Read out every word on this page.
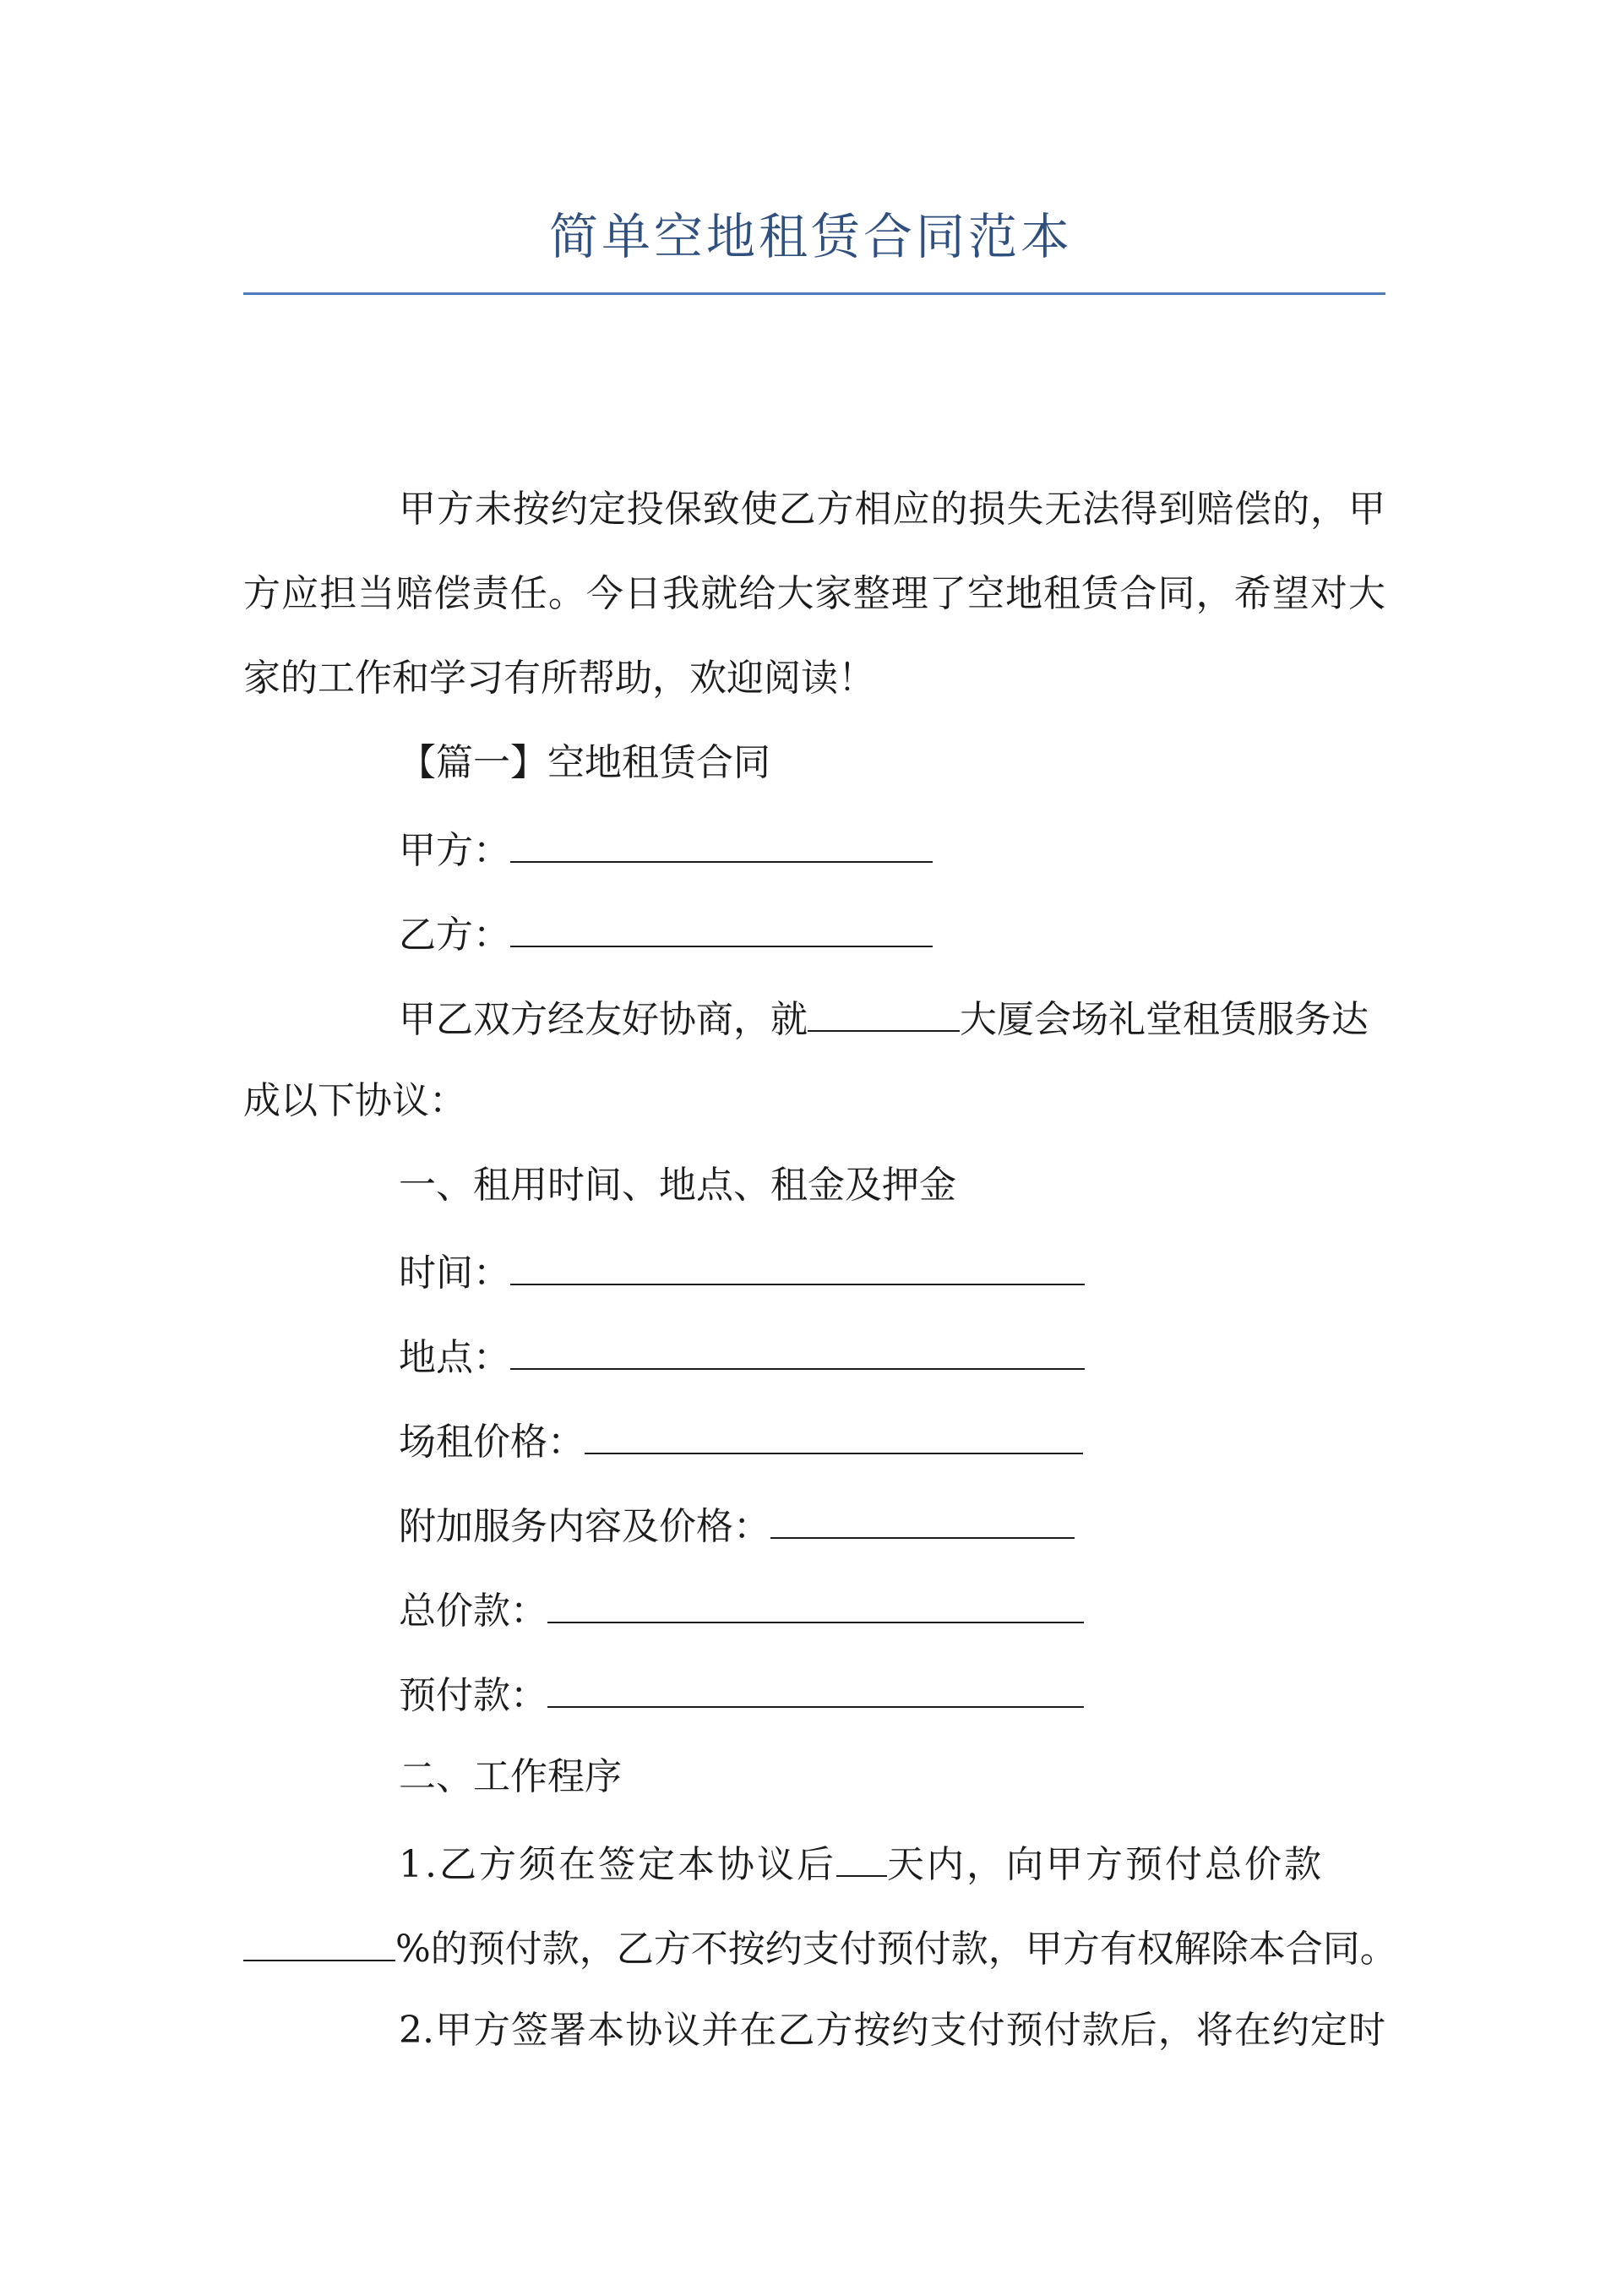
简单空地租赁合同范本
甲方未按约定投保致使乙方相应的损失无法得到赔偿的，甲
方应担当赔偿责任。今日我就给大家整理了空地租赁合同，希望对大
家的工作和学习有所帮助，欢迎阅读！
【篇一】空地租赁合同
甲方：
乙方：
甲乙双方经友好协商，就	大厦会场礼堂租赁服务达
成以下协议：
一、租用时间、地点、租金及押金
时间：
地点：
场租价格：
附加服务内容及价格：
总价款：
预付款：
二、工作程序
1.乙方须在签定本协议后 天内，向甲方预付总价款
%的预付款，乙方不按约支付预付款，甲方有权解除本合同。
2.甲方签署本协议并在乙方按约支付预付款后，将在约定时
